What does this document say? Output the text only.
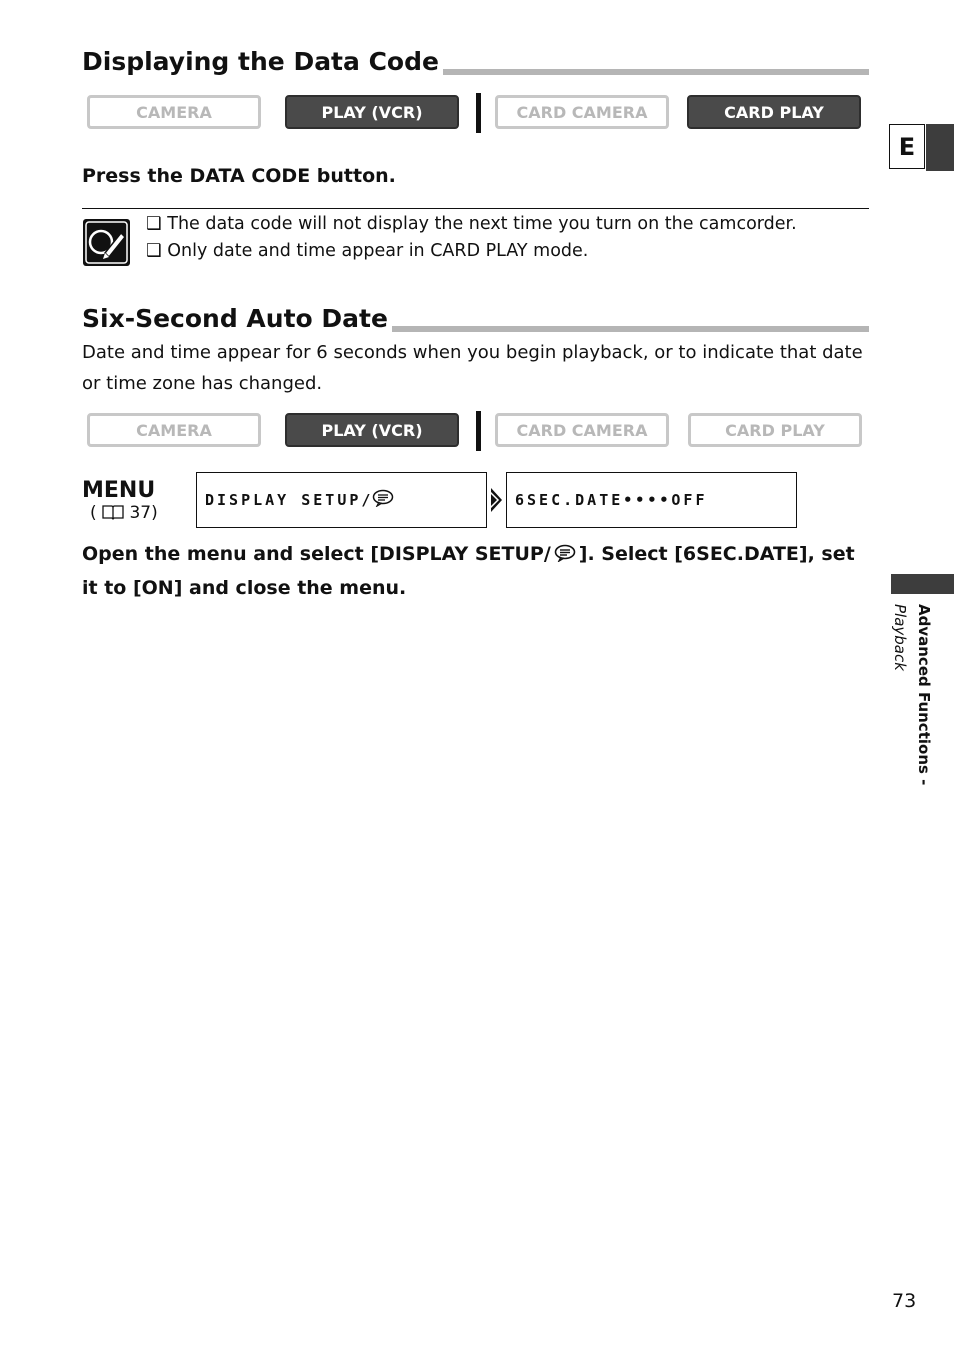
Displaying the Data Code
CAMERA	PLAY (VCR)	CARD CAMERA	CARD PLAY
Press the DATA CODE button.
❑ The data code will not display the next time you turn on the camcorder.
❑ Only date and time appear in CARD PLAY mode.
Six-Second Auto Date
Date and time appear for 6 seconds when you begin playback, or to indicate that date or time zone has changed.
CAMERA	PLAY (VCR)	CARD CAMERA	CARD PLAY
MENU
( 37)
DISPLAY SETUP/	6SEC.DATE••••OFF
Open the menu and select [DISPLAY SETUP/ ]. Select [6SEC.DATE], set it to [ON] and close the menu.
E
Advanced Functions -
Playback
73
